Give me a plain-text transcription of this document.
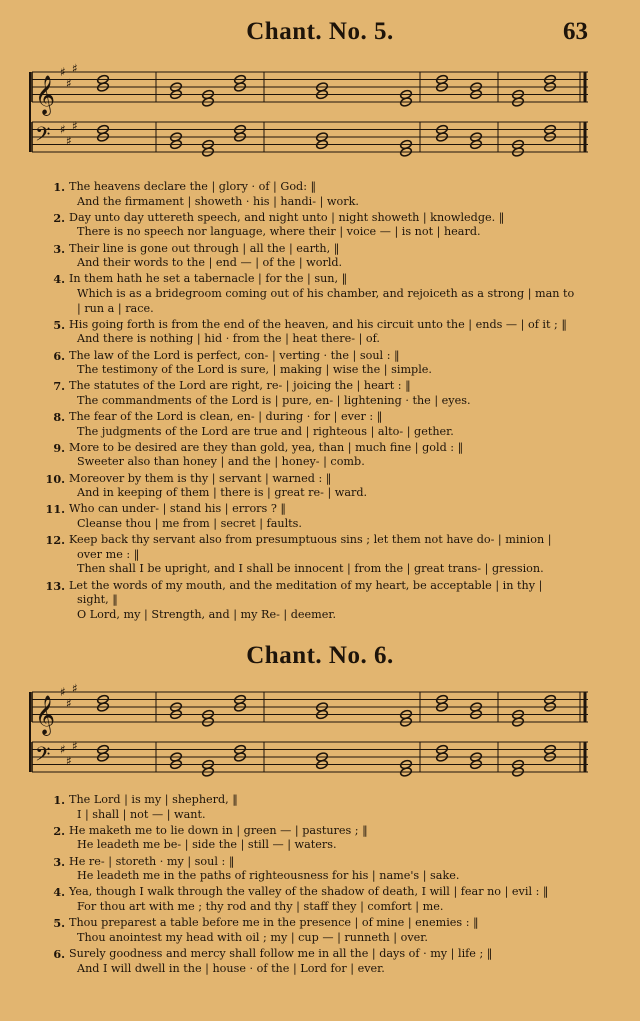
Chant. No. 5.	63
𝄞
♯
♯
♯
𝄢 ♯
♯
♯
1. The heavens declare the | glory · of | God: ‖
And the firmament | showeth · his | handi- | work.
2. Day unto day uttereth speech, and night unto | night showeth | knowledge. ‖
There is no speech nor language, where their | voice — | is not | heard.
3. Their line is gone out through | all the | earth, ‖
And their words to the | end — | of the | world.
4. In them hath he set a tabernacle | for the | sun, ‖
Which is as a bridegroom coming out of his chamber, and rejoiceth as a strong | man to
| run a | race.
5. His going forth is from the end of the heaven, and his circuit unto the | ends — | of it ; ‖
And there is nothing | hid · from the | heat there- | of.
6. The law of the Lord is perfect, con- | verting · the | soul : ‖
The testimony of the Lord is sure, | making | wise the | simple.
7. The statutes of the Lord are right, re- | joicing the | heart : ‖
The commandments of the Lord is | pure, en- | lightening · the | eyes.
8. The fear of the Lord is clean, en- | during · for | ever : ‖
The judgments of the Lord are true and | righteous | alto- | gether.
9. More to be desired are they than gold, yea, than | much fine | gold : ‖
Sweeter also than honey | and the | honey- | comb.
10. Moreover by them is thy | servant | warned : ‖
And in keeping of them | there is | great re- | ward.
11. Who can under- | stand his | errors ? ‖
Cleanse thou | me from | secret | faults.
12. Keep back thy servant also from presumptuous sins ; let them not have do- | minion |
over me : ‖
Then shall I be upright, and I shall be innocent | from the | great trans- | gression.
13. Let the words of my mouth, and the meditation of my heart, be acceptable | in thy |
sight, ‖
O Lord, my | Strength, and | my Re- | deemer.
Chant. No. 6.
𝄞
♯
♯
♯
𝄢 ♯
♯
♯
1. The Lord | is my | shepherd, ‖
I | shall | not — | want.
2. He maketh me to lie down in | green — | pastures ; ‖
He leadeth me be- | side the | still — | waters.
3. He re- | storeth · my | soul : ‖
He leadeth me in the paths of righteousness for his | name's | sake.
4. Yea, though I walk through the valley of the shadow of death, I will | fear no | evil : ‖
For thou art with me ; thy rod and thy | staff they | comfort | me.
5. Thou preparest a table before me in the presence | of mine | enemies : ‖
Thou anointest my head with oil ; my | cup — | runneth | over.
6. Surely goodness and mercy shall follow me in all the | days of · my | life ; ‖
And I will dwell in the | house · of the | Lord for | ever.
